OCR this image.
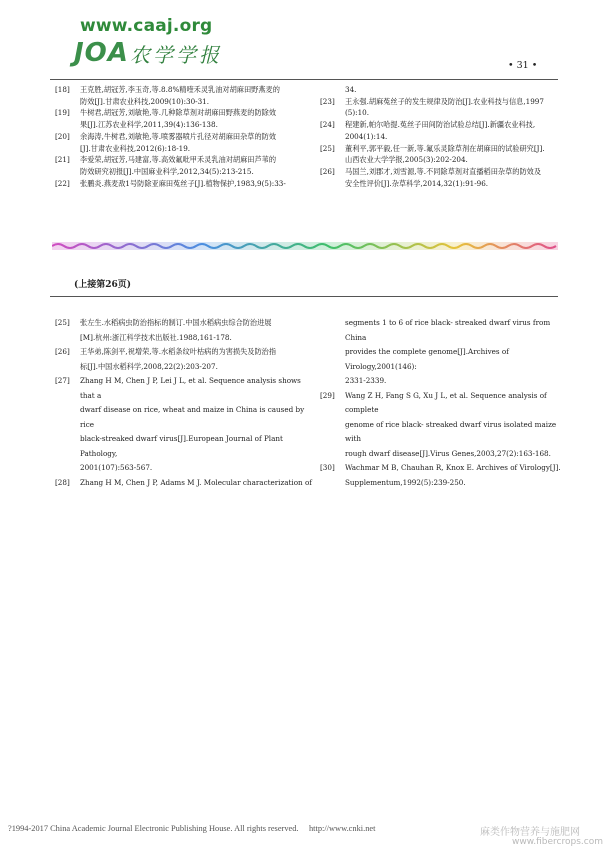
www.caaj.org
JOA 农学学报	• 31 •
[18] 王克胜,胡冠芳,李玉奇,等.8.8%精喹禾灵乳油对胡麻田野燕麦的
防效[J].甘肃农业科技,2009(10):30-31.
[19] 牛树君,胡冠芳,刘敏艳,等.几种除草剂对胡麻田野燕麦的防除效
果[J].江苏农业科学,2011,39(4):136-138.
[20] 余海涛,牛树君,刘敏艳,等.喷雾器喷片孔径对胡麻田杂草的防效
[J].甘肃农业科技,2012(6):18-19.
[21] 李爱荣,胡冠芳,马建富,等.高效氟吡甲禾灵乳油对胡麻田芦苇的
防效研究初报[J].中国麻业科学,2012,34(5):213-215.
[22] 张鹏炎.燕麦敌1号防除亚麻田菟丝子[J].植物保护,1983,9(5):33-
34.
[23] 王永强.胡麻菟丝子的发生规律及防治[J].农业科技与信息,1997
(5):10.
[24] 程建新,帕尔哈提.菟丝子田间防治试验总结[J].新疆农业科技,
2004(1):14.
[25] 董利平,郭平毅,任一新,等.氟乐灵除草剂在胡麻田的试验研究[J].
山西农业大学学报,2005(3):202-204.
[26] 马国兰,刘郡才,刘雪源,等.不同除草剂对直播稻田杂草的防效及
安全性评价[J].杂草科学,2014,32(1):91-96.
(上接第26页)
[25] 张左生.水稻病虫防治指标的制订.中国水稻病虫综合防治进展
[M].杭州:浙江科学技术出版社.1988,161-178.
[26] 王华弟,陈剑平,祝增荣,等.水稻条纹叶枯病的为害损失及防治指
标[J].中国水稻科学,2008,22(2):203-207.
[27] Zhang H M, Chen J P, Lei J L, et al. Sequence analysis shows that a
dwarf disease on rice, wheat and maize in China is caused by rice
black-streaked dwarf virus[J].European Journal of Plant Pathology,
2001(107):563-567.
[28] Zhang H M, Chen J P, Adams M J. Molecular characterization of
segments 1 to 6 of rice black- streaked dwarf virus from China
provides the complete genome[J].Archives of Virology,2001(146):
2331-2339.
[29] Wang Z H, Fang S G, Xu J L, et al. Sequence analysis of complete
genome of rice black- streaked dwarf virus isolated maize with
rough dwarf disease[J].Virus Genes,2003,27(2):163-168.
[30] Wachmar M B, Chauhan R, Knox E. Archives of Virology[J].
Supplementum,1992(5):239-250.
?1994-2017 China Academic Journal Electronic Publishing House. All rights reserved. http://www.cnki.net	麻类作物营养与施肥网
www.fibercrops.com
